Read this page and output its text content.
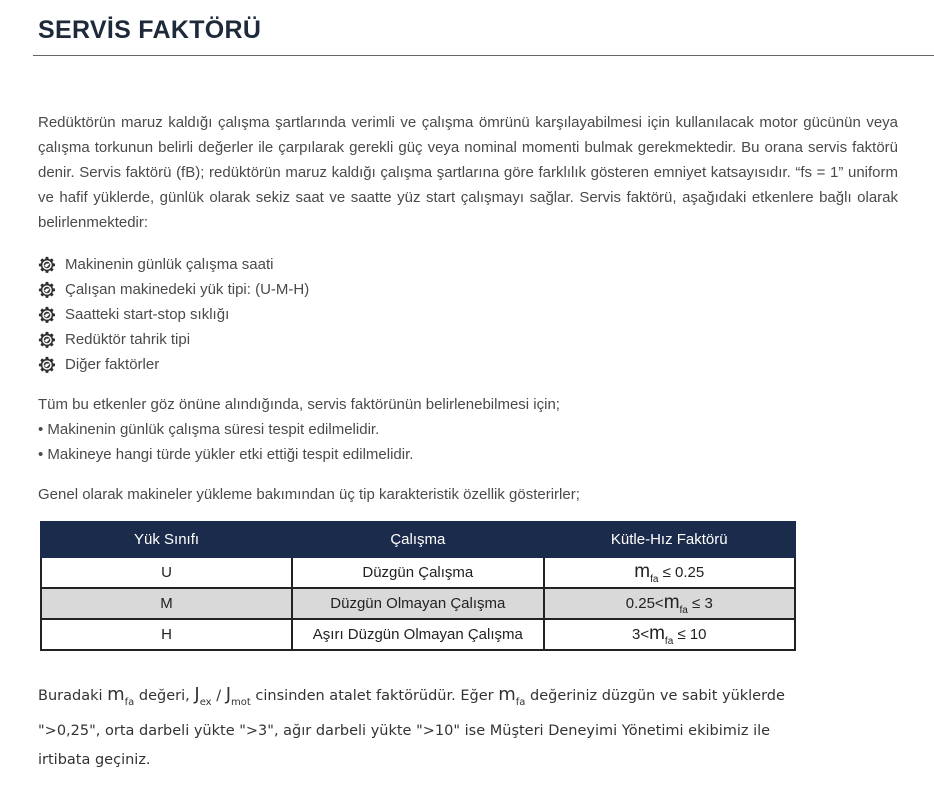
SERVİS FAKTÖRÜ

Redüktörün maruz kaldığı çalışma şartlarında verimli ve çalışma ömrünü karşılayabilmesi için kullanılacak motor gücünün veya çalışma torkunun belirli değerler ile çarpılarak gerekli güç veya nominal momenti bulmak gerekmektedir. Bu orana servis faktörü denir. Servis faktörü (fB); redüktörün maruz kaldığı çalışma şartlarına göre farklılık gösteren emniyet katsayısıdır. “fs = 1” uniform ve hafif yüklerde, günlük olarak sekiz saat ve saatte yüz start çalışmayı sağlar. Servis faktörü, aşağıdaki etkenlere bağlı olarak belirlenmektedir:

Makinenin günlük çalışma saati
Çalışan makinedeki yük tipi: (U-M-H)
Saatteki start-stop sıklığı
Redüktör tahrik tipi
Diğer faktörler
Tüm bu etkenler göz önüne alındığında, servis faktörünün belirlenebilmesi için;
• Makinenin günlük çalışma süresi tespit edilmelidir.
• Makineye hangi türde yükler etki ettiği tespit edilmelidir.

Genel olarak makineler yükleme bakımından üç tip karakteristik özellik gösterirler;

Yük Sınıfı	Çalışma	Kütle-Hız Faktörü
U	Düzgün Çalışma	$m_{fa} \le 0.25$
M	Düzgün Olmayan Çalışma	$0.25<m_{fa} \le 3$
H	Aşırı Düzgün Olmayan Çalışma	$3<m_{fa} \le 10$

Buradaki $m_{fa}$ değeri, $J_{ex} / J_{mot}$ cinsinden atalet faktörüdür. Eğer $m_{fa}$ değeriniz düzgün ve sabit yüklerde ">0,25", orta darbeli yükte ">3", ağır darbeli yükte ">10" ise Müşteri Deneyimi Yönetimi ekibimiz ile irtibata geçiniz.
